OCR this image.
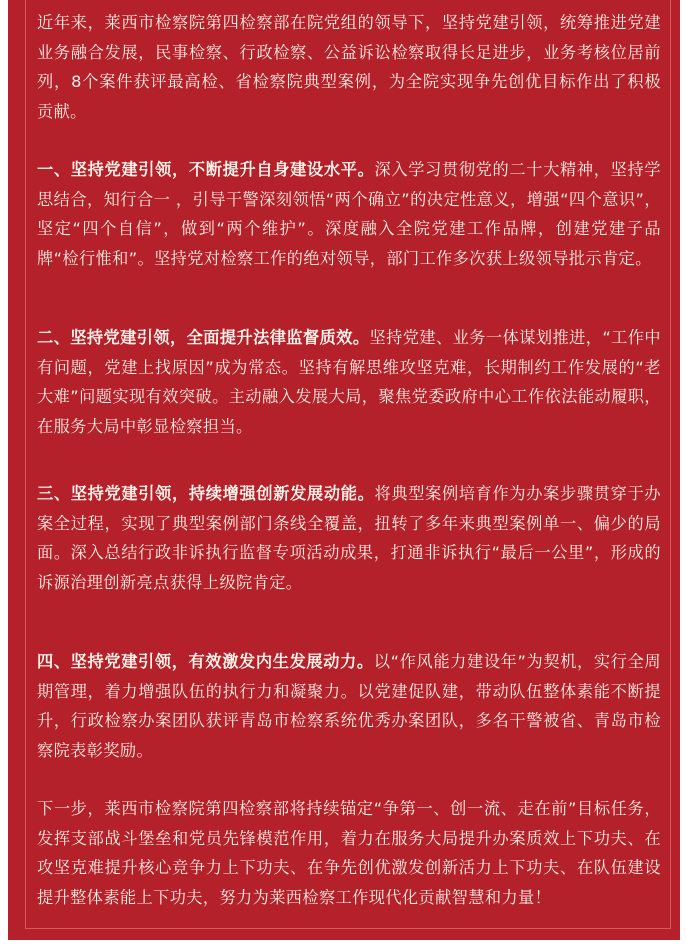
近年来，莱西市检察院第四检察部在院党组的领导下，坚持党建引领，统筹推进党建业务融合发展，民事检察、行政检察、公益诉讼检察取得长足进步，业务考核位居前列，8个案件获评最高检、省检察院典型案例，为全院实现争先创优目标作出了积极贡献。

一、坚持党建引领，不断提升自身建设水平。深入学习贯彻党的二十大精神，坚持学思结合，知行合一 ，引导干警深刻领悟“两个确立”的决定性意义，增强“四个意识”，坚定“四个自信”，做到“两个维护”。深度融入全院党建工作品牌，创建党建子品牌“检行惟和”。坚持党对检察工作的绝对领导，部门工作多次获上级领导批示肯定。

二、坚持党建引领，全面提升法律监督质效。坚持党建、业务一体谋划推进，“工作中有问题，党建上找原因”成为常态。坚持有解思维攻坚克难，长期制约工作发展的“老大难”问题实现有效突破。主动融入发展大局，聚焦党委政府中心工作依法能动履职，在服务大局中彰显检察担当。

三、坚持党建引领，持续增强创新发展动能。将典型案例培育作为办案步骤贯穿于办案全过程，实现了典型案例部门条线全覆盖，扭转了多年来典型案例单一、偏少的局面。深入总结行政非诉执行监督专项活动成果，打通非诉执行“最后一公里”，形成的诉源治理创新亮点获得上级院肯定。

四、坚持党建引领，有效激发内生发展动力。以“作风能力建设年”为契机，实行全周期管理，着力增强队伍的执行力和凝聚力。以党建促队建，带动队伍整体素能不断提升，行政检察办案团队获评青岛市检察系统优秀办案团队，多名干警被省、青岛市检察院表彰奖励。

下一步，莱西市检察院第四检察部将持续锚定“争第一、创一流、走在前”目标任务，发挥支部战斗堡垒和党员先锋模范作用，着力在服务大局提升办案质效上下功夫、在攻坚克难提升核心竞争力上下功夫、在争先创优激发创新活力上下功夫、在队伍建设提升整体素能上下功夫，努力为莱西检察工作现代化贡献智慧和力量！
